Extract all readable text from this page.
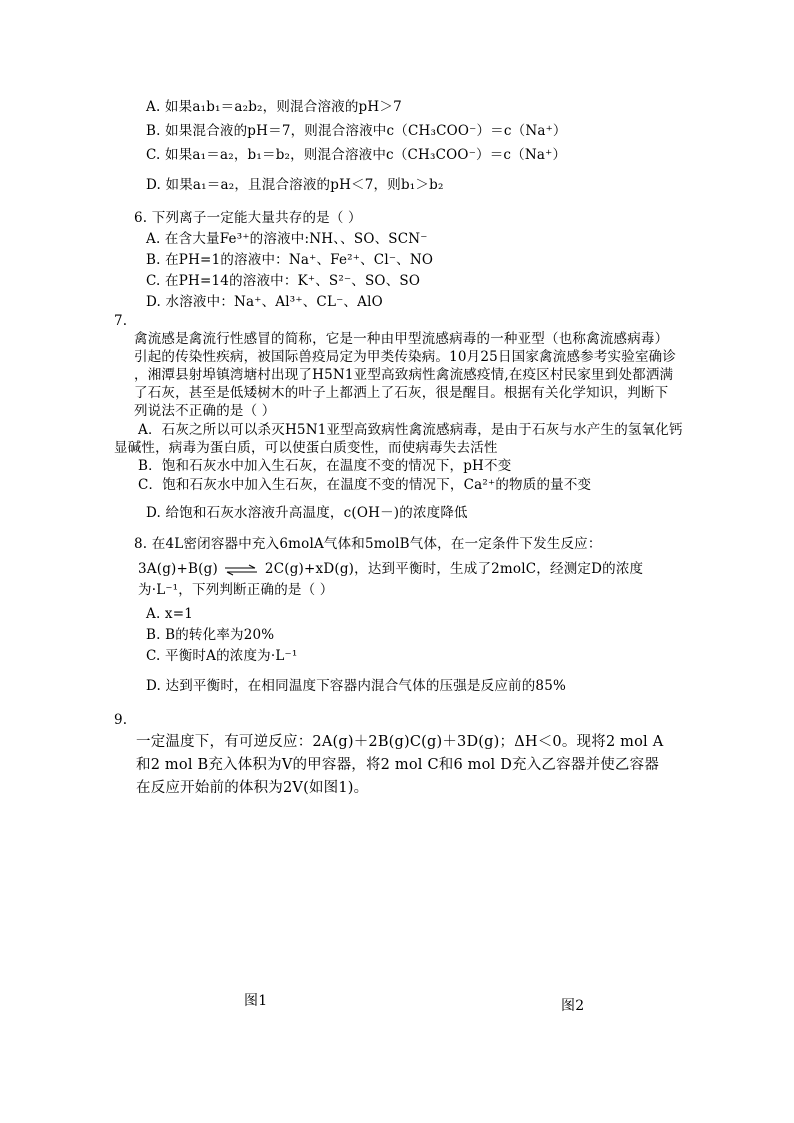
A. 如果a₁b₁＝a₂b₂，则混合溶液的pH＞7
B. 如果混合液的pH＝7，则混合溶液中c（CH₃COO⁻）＝c（Na⁺）
C. 如果a₁＝a₂，b₁＝b₂，则混合溶液中c（CH₃COO⁻）＝c（Na⁺）
D. 如果a₁＝a₂，且混合溶液的pH＜7，则b₁＞b₂
6. 下列离子一定能大量共存的是（ ）
A. 在含大量Fe³⁺的溶液中:NH、、SO、SCN⁻
B. 在PH=1的溶液中：Na⁺、Fe²⁺、Cl⁻、NO
C. 在PH=14的溶液中：K⁺、S²⁻、SO、SO
D. 水溶液中：Na⁺、Al³⁺、CL⁻、AlO
7.
禽流感是禽流行性感冒的简称，它是一种由甲型流感病毒的一种亚型（也称禽流感病毒）
引起的传染性疾病，被国际兽疫局定为甲类传染病。10月25日国家禽流感参考实验室确诊
，湘潭县射埠镇湾塘村出现了H5N1亚型高致病性禽流感疫情,在疫区村民家里到处都洒满
了石灰，甚至是低矮树木的叶子上都洒上了石灰，很是醒目。根据有关化学知识，判断下
列说法不正确的是（ ）
A．石灰之所以可以杀灭H5N1亚型高致病性禽流感病毒，是由于石灰与水产生的氢氧化钙
显碱性，病毒为蛋白质，可以使蛋白质变性，而使病毒失去活性
B．饱和石灰水中加入生石灰，在温度不变的情况下，pH不变
C．饱和石灰水中加入生石灰，在温度不变的情况下，Ca²⁺的物质的量不变
D. 给饱和石灰水溶液升高温度，c(OH－)的浓度降低
8. 在4L密闭容器中充入6molA气体和5molB气体，在一定条件下发生反应：
3A(g)+B(g) ⇌ 2C(g)+xD(g)，达到平衡时，生成了2molC，经测定D的浓度
为·L⁻¹，下列判断正确的是（ ）
A. x=1
B. B的转化率为20%
C. 平衡时A的浓度为·L⁻¹
D. 达到平衡时，在相同温度下容器内混合气体的压强是反应前的85%
9.
一定温度下，有可逆反应：2A(g)＋2B(g)C(g)＋3D(g)；ΔH＜0。现将2 mol A
和2 mol B充入体积为V的甲容器，将2 mol C和6 mol D充入乙容器并使乙容器
在反应开始前的体积为2V(如图1)。
图1	图2
